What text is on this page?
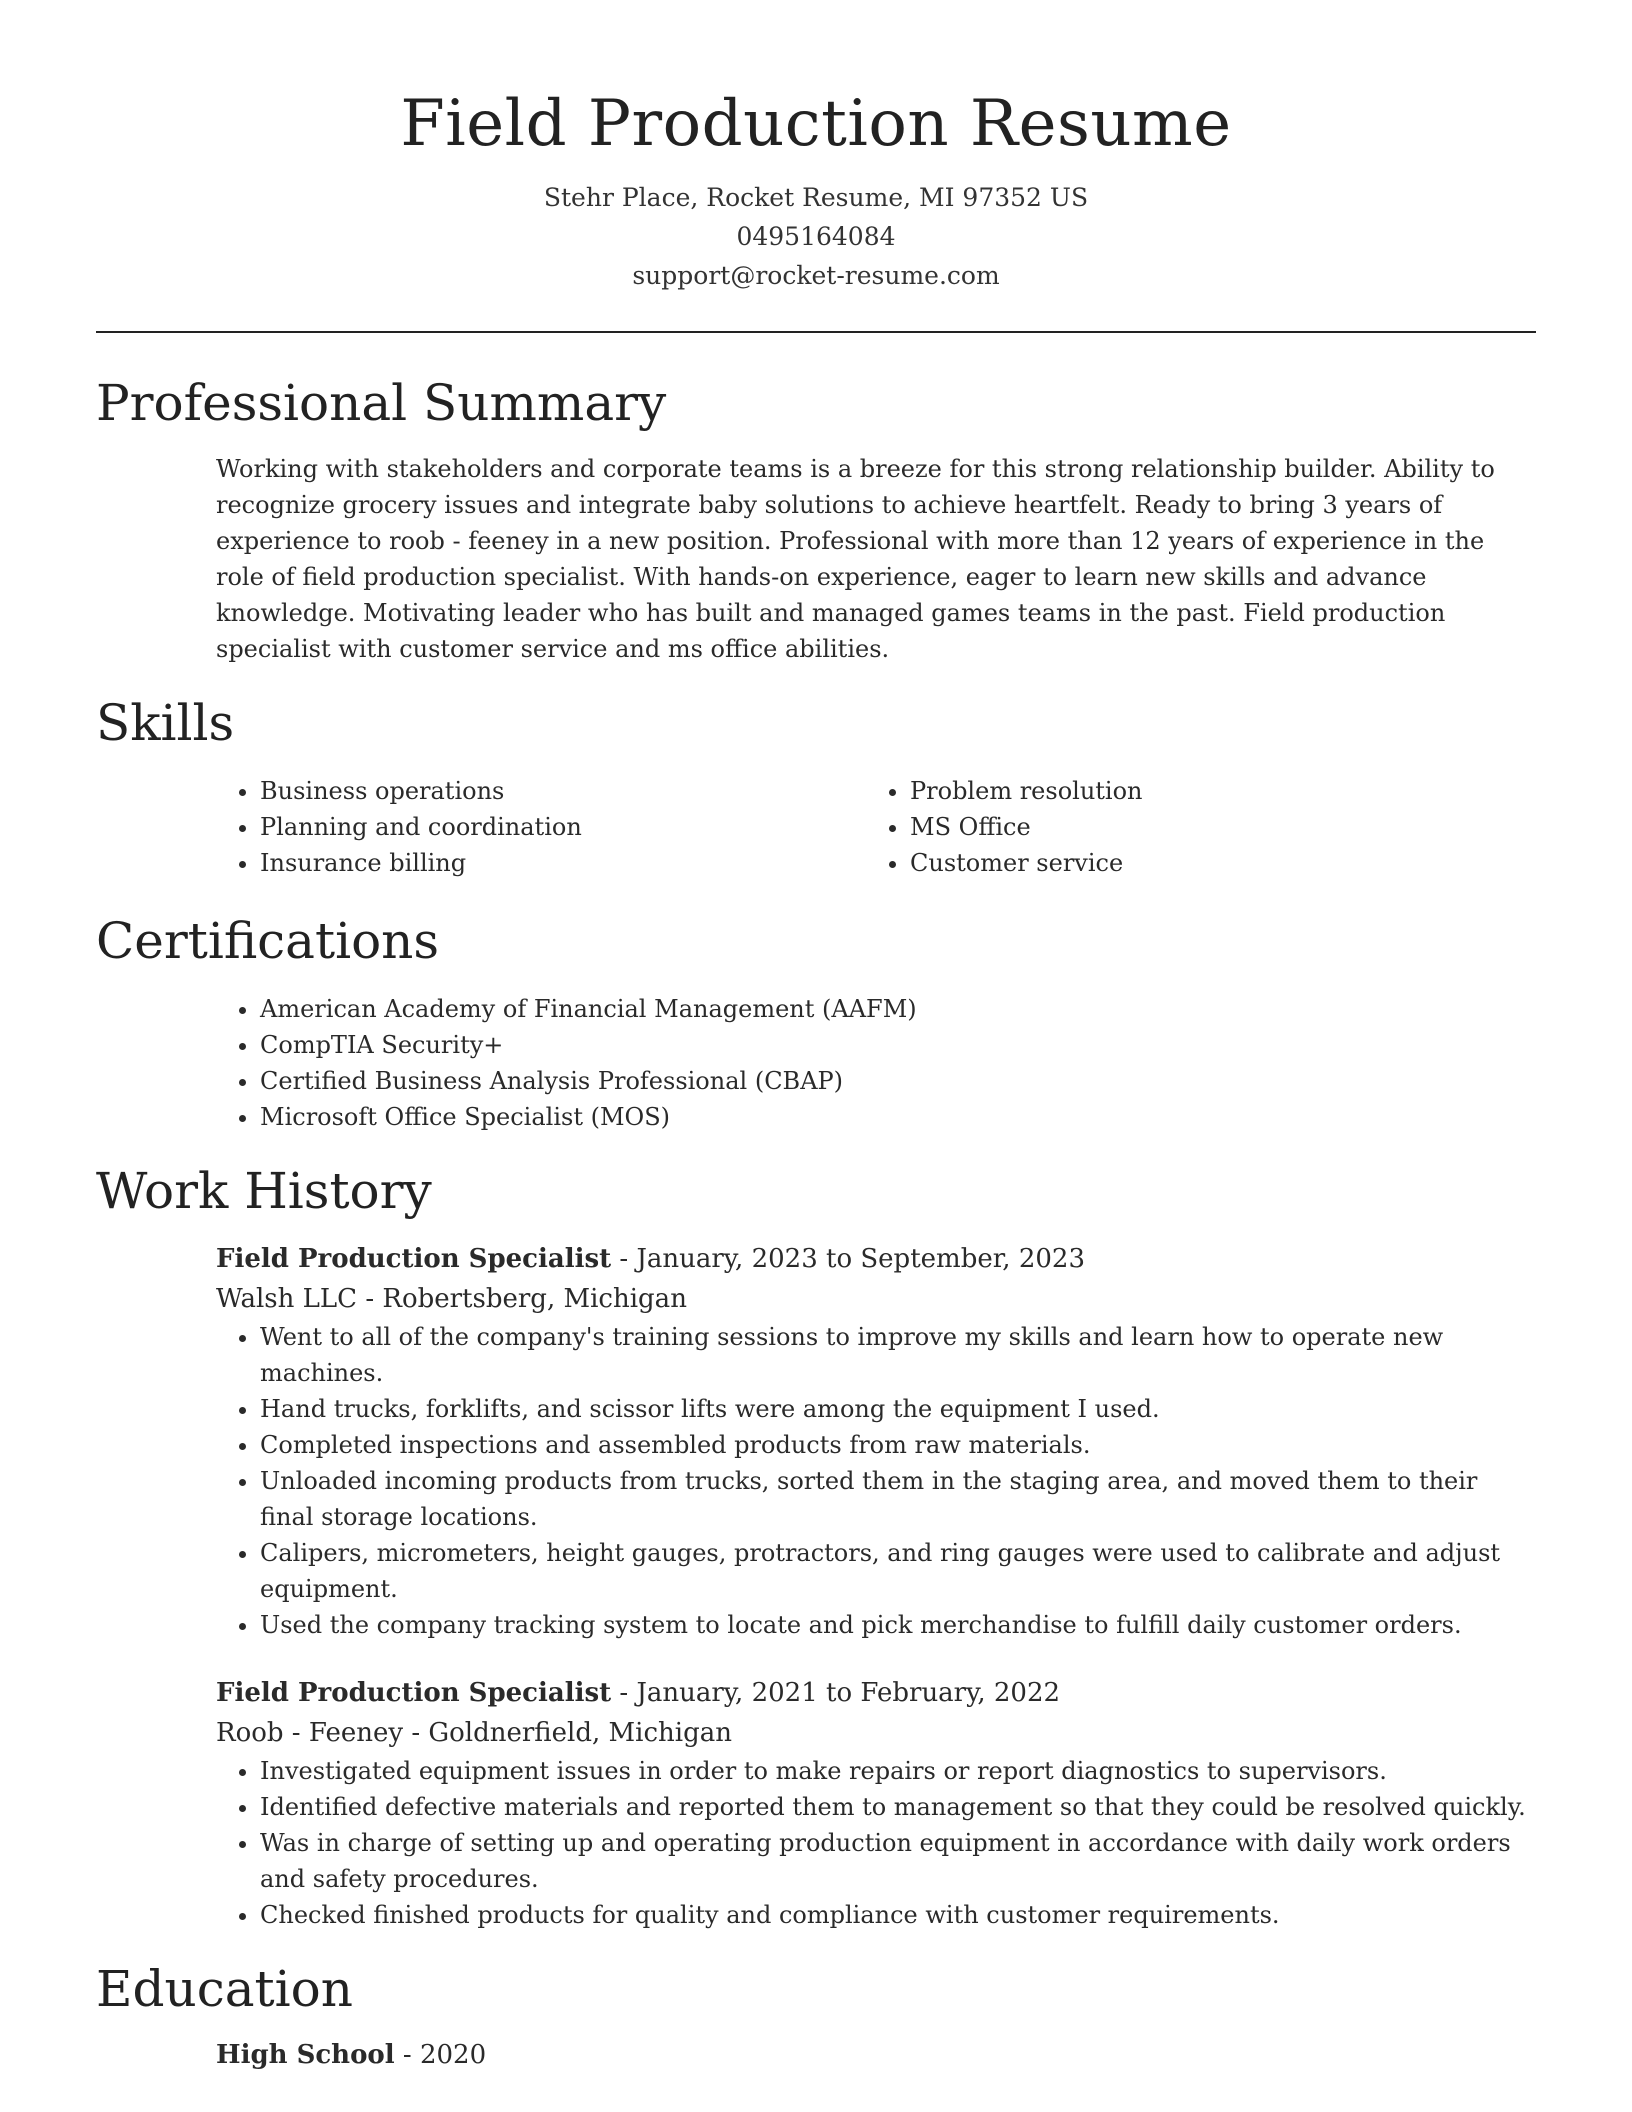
Field Production Resume
Stehr Place, Rocket Resume, MI 97352 US
0495164084
support@rocket-resume.com
Professional Summary
Working with stakeholders and corporate teams is a breeze for this strong relationship builder. Ability to recognize grocery issues and integrate baby solutions to achieve heartfelt. Ready to bring 3 years of experience to roob - feeney in a new position. Professional with more than 12 years of experience in the role of field production specialist. With hands-on experience, eager to learn new skills and advance knowledge. Motivating leader who has built and managed games teams in the past. Field production specialist with customer service and ms office abilities.
Skills
• Business operations
• Planning and coordination
• Insurance billing
• Problem resolution
• MS Office
• Customer service
Certifications
• American Academy of Financial Management (AAFM)
• CompTIA Security+
• Certified Business Analysis Professional (CBAP)
• Microsoft Office Specialist (MOS)
Work History
Field Production Specialist - January, 2023 to September, 2023
Walsh LLC - Robertsberg, Michigan
• Went to all of the company's training sessions to improve my skills and learn how to operate new machines.
• Hand trucks, forklifts, and scissor lifts were among the equipment I used.
• Completed inspections and assembled products from raw materials.
• Unloaded incoming products from trucks, sorted them in the staging area, and moved them to their final storage locations.
• Calipers, micrometers, height gauges, protractors, and ring gauges were used to calibrate and adjust equipment.
• Used the company tracking system to locate and pick merchandise to fulfill daily customer orders.
Field Production Specialist - January, 2021 to February, 2022
Roob - Feeney - Goldnerfield, Michigan
• Investigated equipment issues in order to make repairs or report diagnostics to supervisors.
• Identified defective materials and reported them to management so that they could be resolved quickly.
• Was in charge of setting up and operating production equipment in accordance with daily work orders and safety procedures.
• Checked finished products for quality and compliance with customer requirements.
Education
High School - 2020
